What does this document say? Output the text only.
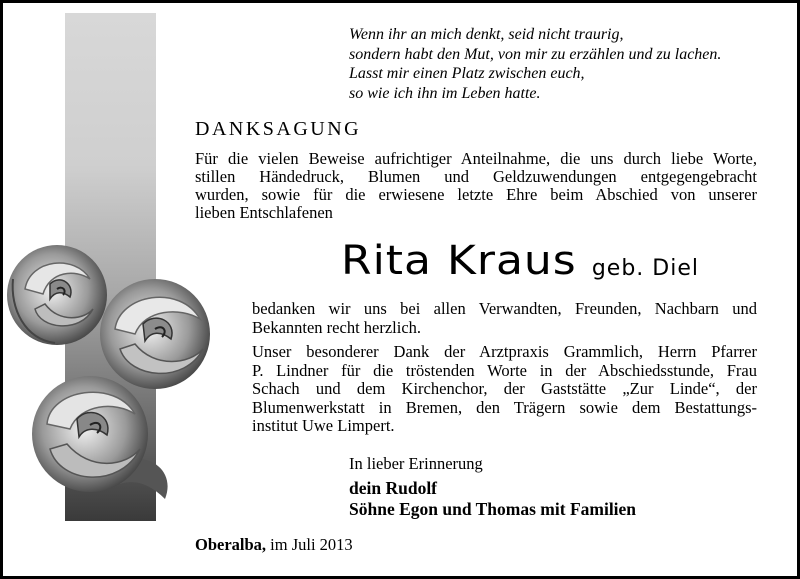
Wenn ihr an mich denkt, seid nicht traurig,
sondern habt den Mut, von mir zu erzählen und zu lachen.
Lasst mir einen Platz zwischen euch,
so wie ich ihn im Leben hatte.
DANKSAGUNG
Für die vielen Beweise aufrichtiger Anteilnahme, die uns durch liebe Worte,
stillen Händedruck, Blumen und Geldzuwendungen entgegengebracht
wurden, sowie für die erwiesene letzte Ehre beim Abschied von unserer
lieben Entschlafenen
Rita Kraus geb. Diel
bedanken wir uns bei allen Verwandten, Freunden, Nachbarn und
Bekannten recht herzlich.
Unser besonderer Dank der Arztpraxis Grammlich, Herrn Pfarrer
P. Lindner für die tröstenden Worte in der Abschiedsstunde, Frau
Schach und dem Kirchenchor, der Gaststätte „Zur Linde“, der
Blumenwerkstatt in Bremen, den Trägern sowie dem Bestattungs-
institut Uwe Limpert.
In lieber Erinnerung
dein Rudolf
Söhne Egon und Thomas mit Familien
Oberalba, im Juli 2013
